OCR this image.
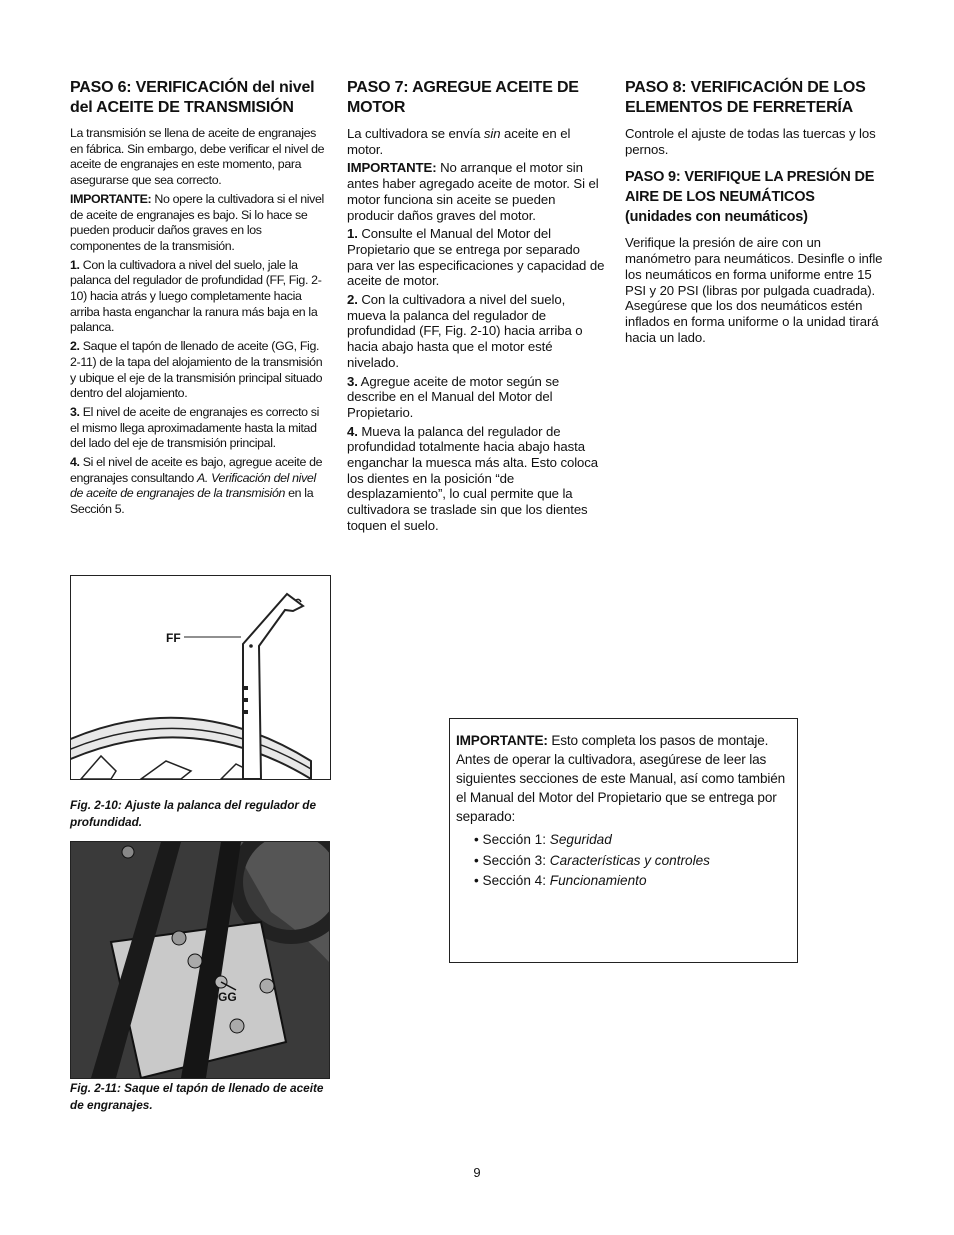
PASO 6: VERIFICACIÓN del nivel del ACEITE DE TRANSMISIÓN

La transmisión se llena de aceite de engranajes en fábrica. Sin embargo, debe verificar el nivel de aceite de engranajes en este momento, para asegurarse que sea correcto.

IMPORTANTE: No opere la cultivadora si el nivel de aceite de engranajes es bajo. Si lo hace se pueden producir daños graves en los componentes de la transmisión.

1. Con la cultivadora a nivel del suelo, jale la palanca del regulador de profundidad (FF, Fig. 2-10) hacia atrás y luego completamente hacia arriba hasta enganchar la ranura más baja en la palanca.

2. Saque el tapón de llenado de aceite (GG, Fig. 2-11) de la tapa del alojamiento de la transmisión y ubique el eje de la transmisión principal situado dentro del alojamiento.

3. El nivel de aceite de engranajes es correcto si el mismo llega aproximadamente hasta la mitad del lado del eje de transmisión principal.

4. Si el nivel de aceite es bajo, agregue aceite de engranajes consultando A. Verificación del nivel de aceite de engranajes de la transmisión en la Sección 5.

PASO 7: AGREGUE ACEITE DE MOTOR

La cultivadora se envía sin aceite en el motor.

IMPORTANTE: No arranque el motor sin antes haber agregado aceite de motor. Si el motor funciona sin aceite se pueden producir daños graves del motor.

1. Consulte el Manual del Motor del Propietario que se entrega por separado para ver las especificaciones y capacidad de aceite de motor.

2. Con la cultivadora a nivel del suelo, mueva la palanca del regulador de profundidad (FF, Fig. 2-10) hacia arriba o hacia abajo hasta que el motor esté nivelado.

3. Agregue aceite de motor según se describe en el Manual del Motor del Propietario.

4. Mueva la palanca del regulador de profundidad totalmente hacia abajo hasta enganchar la muesca más alta. Esto coloca los dientes en la posición “de desplazamiento”, lo cual permite que la cultivadora se traslade sin que los dientes toquen el suelo.

PASO 8: VERIFICACIÓN DE LOS ELEMENTOS DE FERRETERÍA

Controle el ajuste de todas las tuercas y los pernos.

PASO 9: VERIFIQUE LA PRESIÓN DE AIRE DE LOS NEUMÁTICOS (unidades con neumáticos)

Verifique la presión de aire con un manómetro para neumáticos. Desinfle o infle los neumáticos en forma uniforme entre 15 PSI y 20 PSI (libras por pulgada cuadrada). Asegúrese que los dos neumáticos estén inflados en forma uniforme o la unidad tirará hacia un lado.

FF
Fig. 2-10: Ajuste la palanca del regulador de profundidad.
GG
Fig. 2-11: Saque el tapón de llenado de aceite de engranajes.

IMPORTANTE: Esto completa los pasos de montaje. Antes de operar la cultivadora, asegúrese de leer las siguientes secciones de este Manual, así como también el Manual del Motor del Propietario que se entrega por separado:

• Sección 1: Seguridad
• Sección 3: Características y controles
• Sección 4: Funcionamiento
9
